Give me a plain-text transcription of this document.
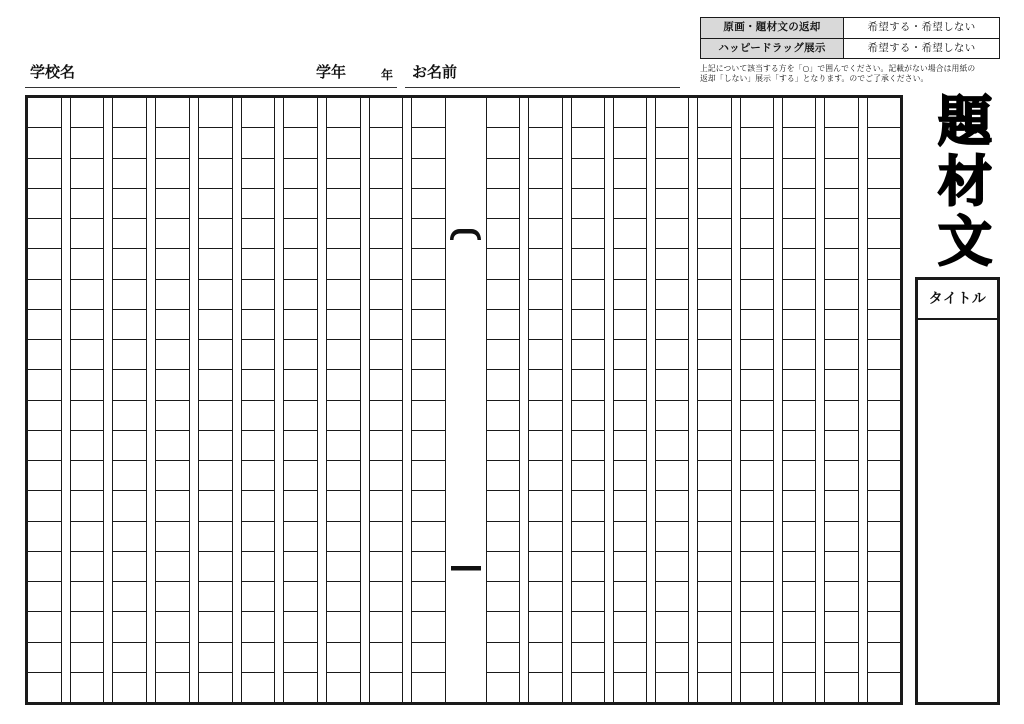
原画・題材文の返却	希望する・希望しない
ハッピードラッグ展示	希望する・希望しない
上記について該当する方を「○」で囲んでください。記載がない場合は用紙の
返却「しない」展示「する」となります。のでご了承ください。
学校名	学年	年 お名前
題
材
文
タイトル
